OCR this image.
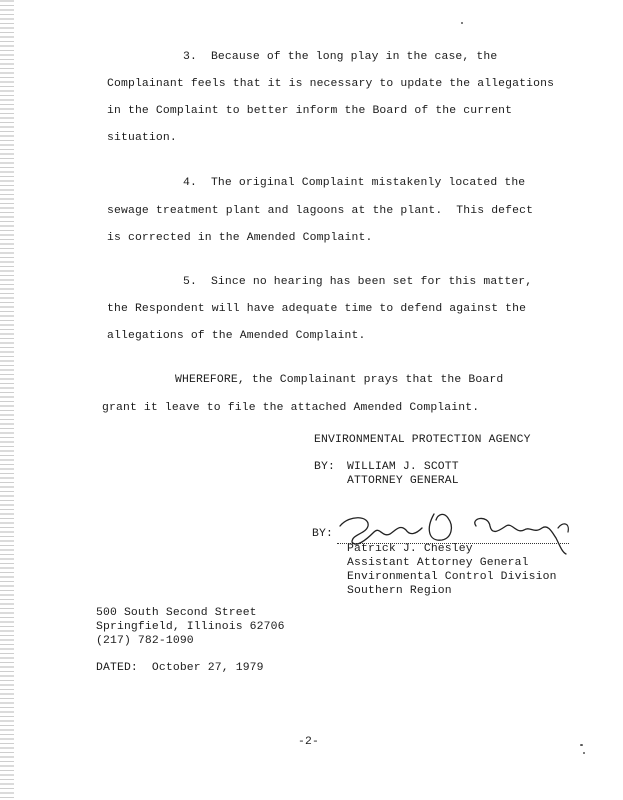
3.  Because of the long play in the case, the
Complainant feels that it is necessary to update the allegations
in the Complaint to better inform the Board of the current
situation.
4.  The original Complaint mistakenly located the
sewage treatment plant and lagoons at the plant.  This defect
is corrected in the Amended Complaint.
5.  Since no hearing has been set for this matter,
the Respondent will have adequate time to defend against the
allegations of the Amended Complaint.
WHEREFORE, the Complainant prays that the Board
grant it leave to file the attached Amended Complaint.
ENVIRONMENTAL PROTECTION AGENCY
BY: WILLIAM J. SCOTT
ATTORNEY GENERAL
BY:
Patrick J. Chesley
Assistant Attorney General
Environmental Control Division
Southern Region
500 South Second Street
Springfield, Illinois 62706
(217) 782-1090
DATED:  October 27, 1979
-2-
